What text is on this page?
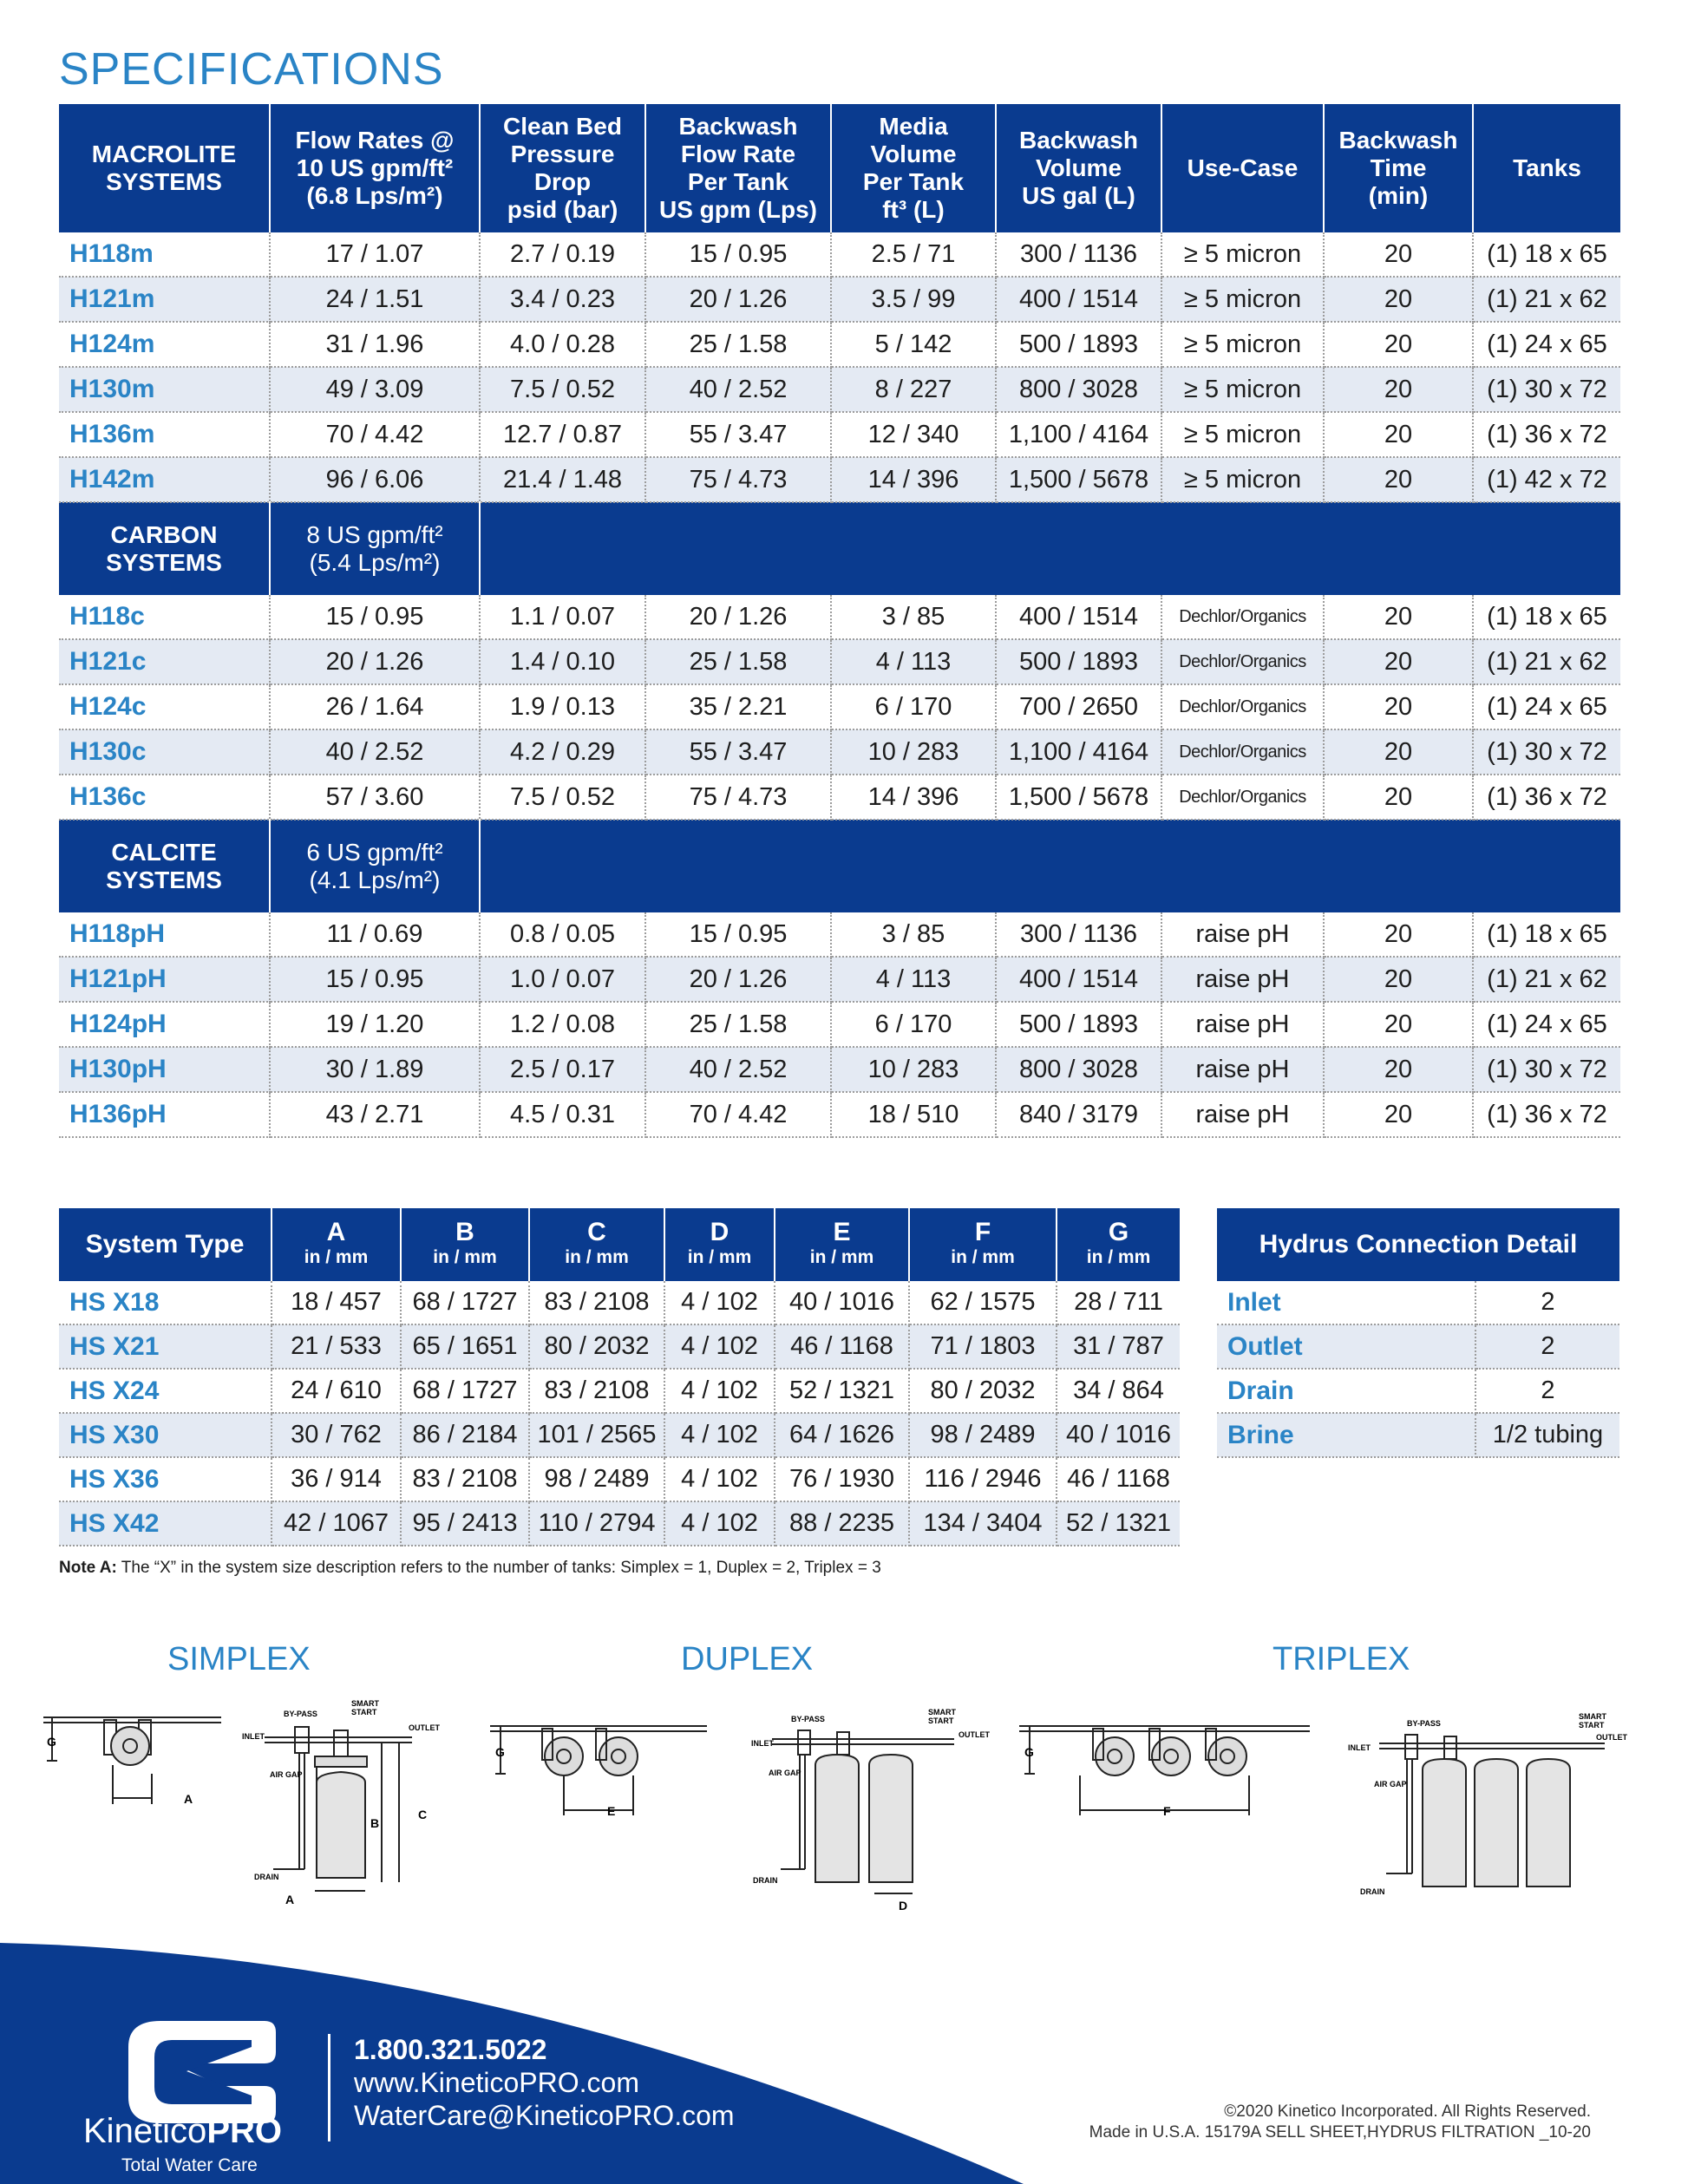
SPECIFICATIONS
MACROLITE
SYSTEMS	Flow Rates @
10 US gpm/ft²
(6.8 Lps/m²)	Clean Bed
Pressure
Drop
psid (bar)	Backwash
Flow Rate
Per Tank
US gpm (Lps)	Media
Volume
Per Tank
ft³ (L)	Backwash
Volume
US gal (L)	Use-Case	Backwash
Time
(min)	Tanks
H118m	17 / 1.07	2.7 / 0.19	15 / 0.95	2.5 / 71	300 / 1136	≥ 5 micron	20	(1) 18 x 65
H121m	24 / 1.51	3.4 / 0.23	20 / 1.26	3.5 / 99	400 / 1514	≥ 5 micron	20	(1) 21 x 62
H124m	31 / 1.96	4.0 / 0.28	25 / 1.58	5 / 142	500 / 1893	≥ 5 micron	20	(1) 24 x 65
H130m	49 / 3.09	7.5 / 0.52	40 / 2.52	8 / 227	800 / 3028	≥ 5 micron	20	(1) 30 x 72
H136m	70 / 4.42	12.7 / 0.87	55 / 3.47	12 / 340	1,100 / 4164	≥ 5 micron	20	(1) 36 x 72
H142m	96 / 6.06	21.4 / 1.48	75 / 4.73	14 / 396	1,500 / 5678	≥ 5 micron	20	(1) 42 x 72
CARBON
SYSTEMS	8 US gpm/ft²
(5.4 Lps/m²)							
H118c	15 / 0.95	1.1 / 0.07	20 / 1.26	3 / 85	400 / 1514	Dechlor/Organics	20	(1) 18 x 65
H121c	20 / 1.26	1.4 / 0.10	25 / 1.58	4 / 113	500 / 1893	Dechlor/Organics	20	(1) 21 x 62
H124c	26 / 1.64	1.9 / 0.13	35 / 2.21	6 / 170	700 / 2650	Dechlor/Organics	20	(1) 24 x 65
H130c	40 / 2.52	4.2 / 0.29	55 / 3.47	10 / 283	1,100 / 4164	Dechlor/Organics	20	(1) 30 x 72
H136c	57 / 3.60	7.5 / 0.52	75 / 4.73	14 / 396	1,500 / 5678	Dechlor/Organics	20	(1) 36 x 72
CALCITE
SYSTEMS	6 US gpm/ft²
(4.1 Lps/m²)							
H118pH	11 / 0.69	0.8 / 0.05	15 / 0.95	3 / 85	300 / 1136	raise pH	20	(1) 18 x 65
H121pH	15 / 0.95	1.0 / 0.07	20 / 1.26	4 / 113	400 / 1514	raise pH	20	(1) 21 x 62
H124pH	19 / 1.20	1.2 / 0.08	25 / 1.58	6 / 170	500 / 1893	raise pH	20	(1) 24 x 65
H130pH	30 / 1.89	2.5 / 0.17	40 / 2.52	10 / 283	800 / 3028	raise pH	20	(1) 30 x 72
H136pH	43 / 2.71	4.5 / 0.31	70 / 4.42	18 / 510	840 / 3179	raise pH	20	(1) 36 x 72
System Type	A
in / mm	B
in / mm	C
in / mm	D
in / mm	E
in / mm	F
in / mm	G
in / mm
HS X18	18 / 457	68 / 1727	83 / 2108	4 / 102	40 / 1016	62 / 1575	28 / 711
HS X21	21 / 533	65 / 1651	80 / 2032	4 / 102	46 / 1168	71 / 1803	31 / 787
HS X24	24 / 610	68 / 1727	83 / 2108	4 / 102	52 / 1321	80 / 2032	34 / 864
HS X30	30 / 762	86 / 2184	101 / 2565	4 / 102	64 / 1626	98 / 2489	40 / 1016
HS X36	36 / 914	83 / 2108	98 / 2489	4 / 102	76 / 1930	116 / 2946	46 / 1168
HS X42	42 / 1067	95 / 2413	110 / 2794	4 / 102	88 / 2235	134 / 3404	52 / 1321
Hydrus Connection Detail	
Inlet	2
Outlet	2
Drain	2
Brine	1/2 tubing
Note A: The “X” in the system size description refers to the number of tanks: Simplex = 1, Duplex = 2, Triplex = 3
SIMPLEX	DUPLEX	TRIPLEX
G
A
SMART
START
BY-PASS
OUTLET
INLET
AIR GAP
DRAIN
B
C
A
G
E
BY-PASS
SMART
START
OUTLET
INLET
AIR GAP
DRAIN
D
G
F
BY-PASS
SMART
START
OUTLET
INLET
AIR GAP
DRAIN
KineticoPRO
Total Water Care
1.800.321.5022
www.KineticoPRO.com
WaterCare@KineticoPRO.com	©2020 Kinetico Incorporated. All Rights Reserved.
Made in U.S.A. 15179A SELL SHEET,HYDRUS FILTRATION _10-20
